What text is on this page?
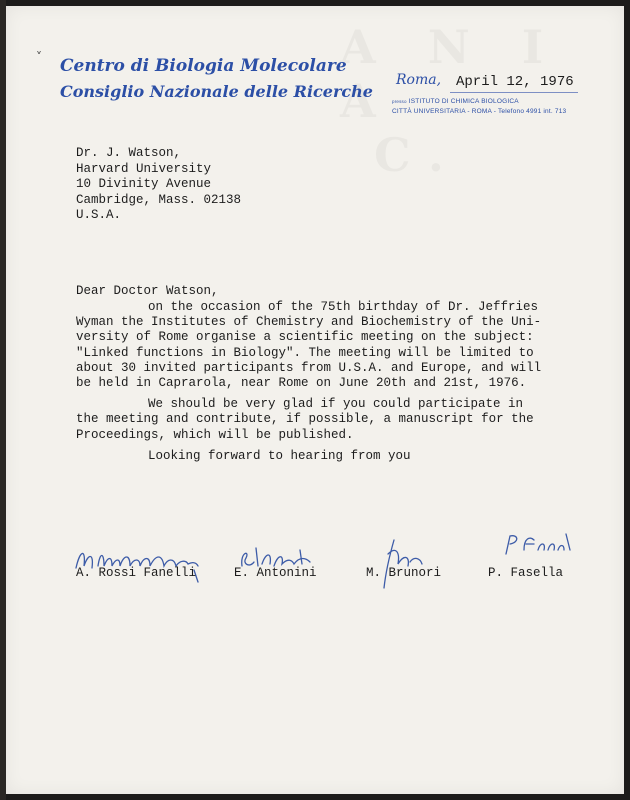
˅ Centro di Biologia Molecolare
Consiglio Nazionale delle Ricerche
Roma, April 12, 1976
presso ISTITUTO DI CHIMICA BIOLOGICA
CITTÀ UNIVERSITARIA - ROMA - Telefono 4991 int. 713
Dr. J. Watson,
Harvard University
10 Divinity Avenue
Cambridge, Mass. 02138
U.S.A.
Dear Doctor Watson,

on the occasion of the 75th birthday of Dr. Jeffries
Wyman the Institutes of Chemistry and Biochemistry of the Uni-
versity of Rome organise a scientific meeting on the subject:
"Linked functions in Biology". The meeting will be limited to
about 30 invited participants from U.S.A. and Europe, and will
be held in Caprarola, near Rome on June 20th and 21st, 1976.

We should be very glad if you could participate in
the meeting and contribute, if possible, a manuscript for the
Proceedings, which will be published.

Looking forward to hearing from you

A. Rossi Fanelli	E. Antonini	M. Brunori	P. Fasella
